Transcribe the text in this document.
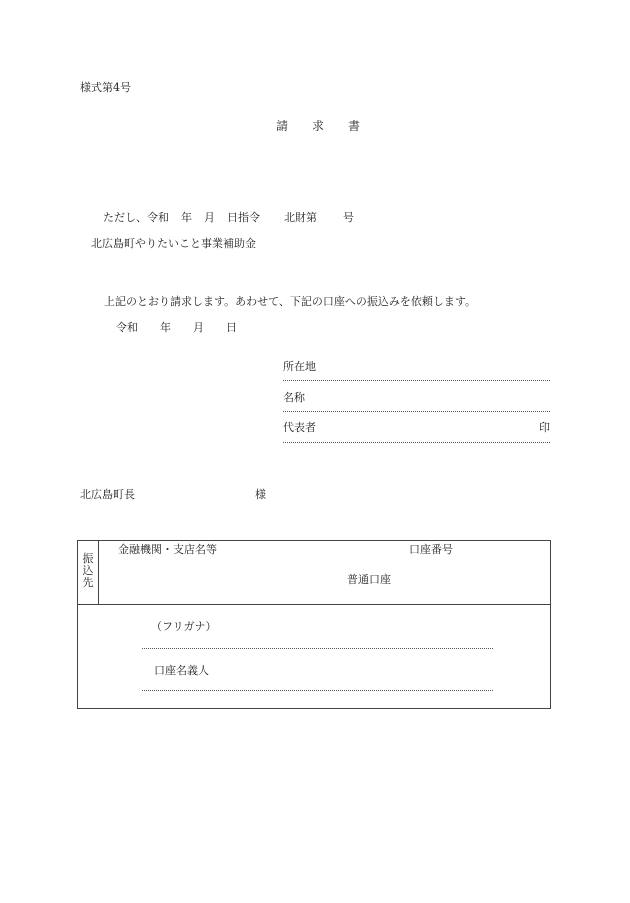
様式第4号
請　　求　　書
ただし、令和 年 月 日指令 北財第 号
北広島町やりたいこと事業補助金
上記のとおり請求します。あわせて、下記の口座への振込みを依頼します。
令和 年 月 日
所在地
名称
代表者	印
北広島町長	様
振込先
金融機関・支店名等	口座番号
普通口座
（フリガナ）
口座名義人
